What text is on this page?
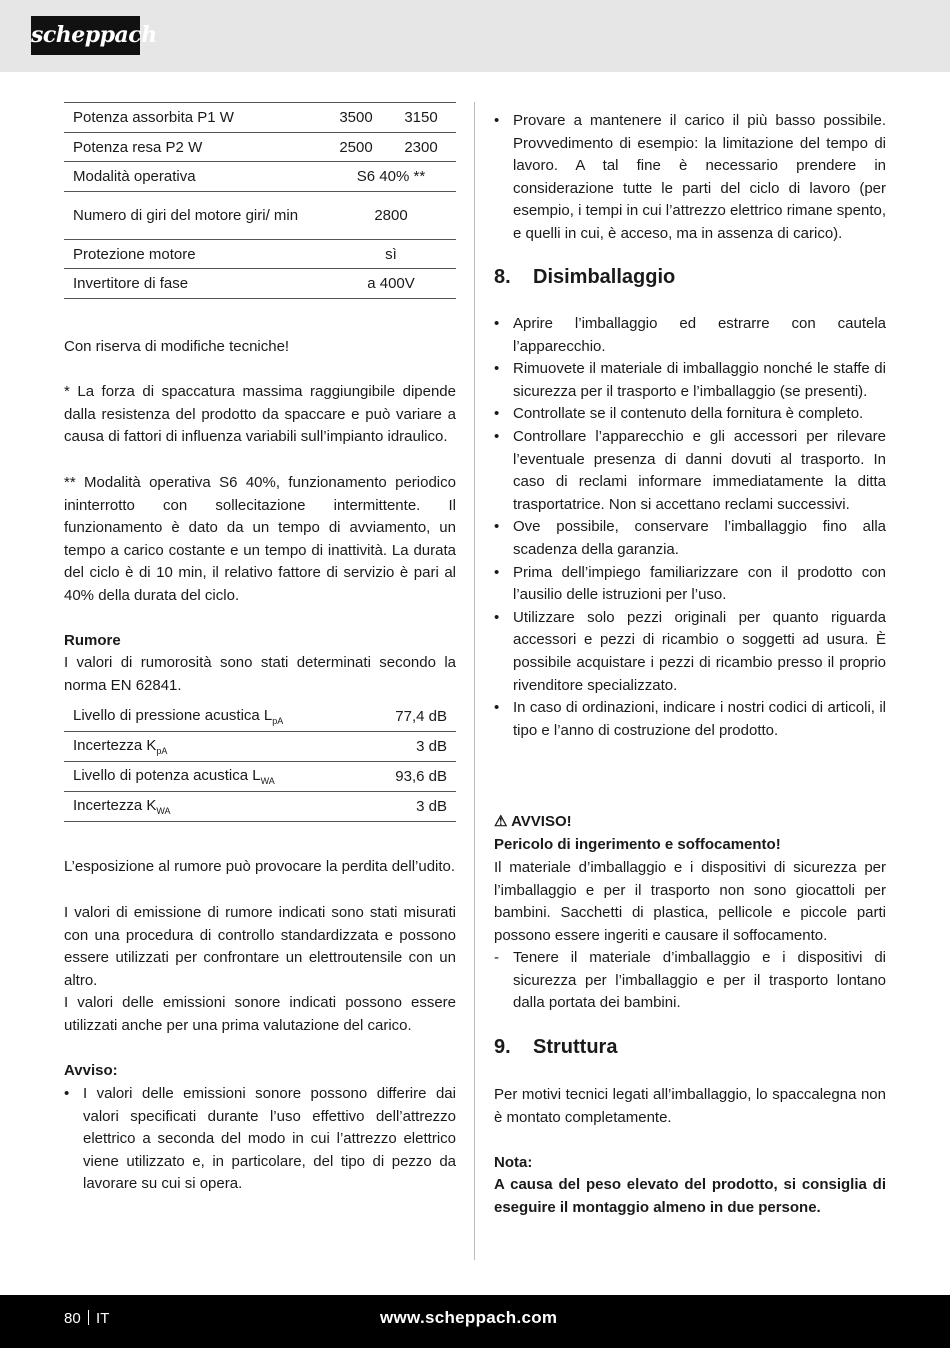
scheppach
Potenza assorbita P1 W	3500	3150
Potenza resa P2 W	2500	2300
Modalità operativa	S6 40% **	
Numero di giri del motore giri/ min	2800	
Protezione motore	sì	
Invertitore di fase	a 400V	

Con riserva di modifiche tecniche!

* La forza di spaccatura massima raggiungibile dipende dalla resistenza del prodotto da spaccare e può variare a causa di fattori di influenza variabili sull’impianto idraulico.

** Modalità operativa S6 40%, funzionamento periodico ininterrotto con sollecitazione intermittente. Il funzionamento è dato da un tempo di avviamento, un tempo a carico costante e un tempo di inattività. La durata del ciclo è di 10 min, il relativo fattore di servizio è pari al 40% della durata del ciclo.

Rumore

I valori di rumorosità sono stati determinati secondo la norma EN 62841.

Livello di pressione acustica $L_{pA}$	77,4 dB
Incertezza $K_{pA}$	3 dB
Livello di potenza acustica $L_{WA}$	93,6 dB
Incertezza $K_{WA}$	3 dB

L’esposizione al rumore può provocare la perdita dell’udito.

I valori di emissione di rumore indicati sono stati misurati con una procedura di controllo standardizzata e possono essere utilizzati per confrontare un elettroutensile con un altro.

I valori delle emissioni sonore indicati possono essere utilizzati anche per una prima valutazione del carico.

Avviso:

• I valori delle emissioni sonore possono differire dai valori specificati durante l’uso effettivo dell’attrezzo elettrico a seconda del modo in cui l’attrezzo elettrico viene utilizzato e, in particolare, del tipo di pezzo da lavorare su cui si opera.
• Provare a mantenere il carico il più basso possibile. Provvedimento di esempio: la limitazione del tempo di lavoro. A tal fine è necessario prendere in considerazione tutte le parti del ciclo di lavoro (per esempio, i tempi in cui l’attrezzo elettrico rimane spento, e quelli in cui, è acceso, ma in assenza di carico).
8. Disimballaggio
• Aprire l’imballaggio ed estrarre con cautela l’apparecchio.
• Rimuovete il materiale di imballaggio nonché le staffe di sicurezza per il trasporto e l’imballaggio (se presenti).
• Controllate se il contenuto della fornitura è completo.
• Controllare l’apparecchio e gli accessori per rilevare l’eventuale presenza di danni dovuti al trasporto. In caso di reclami informare immediatamente la ditta trasportatrice. Non si accettano reclami successivi.
• Ove possibile, conservare l’imballaggio fino alla scadenza della garanzia.
• Prima dell’impiego familiarizzare con il prodotto con l’ausilio delle istruzioni per l’uso.
• Utilizzare solo pezzi originali per quanto riguarda accessori e pezzi di ricambio o soggetti ad usura. È possibile acquistare i pezzi di ricambio presso il proprio rivenditore specializzato.
• In caso di ordinazioni, indicare i nostri codici di articoli, il tipo e l’anno di costruzione del prodotto.

⚠ AVVISO!

Pericolo di ingerimento e soffocamento!

Il materiale d’imballaggio e i dispositivi di sicurezza per l’imballaggio e per il trasporto non sono giocattoli per bambini. Sacchetti di plastica, pellicole e piccole parti possono essere ingeriti e causare il soffocamento.

- Tenere il materiale d’imballaggio e i dispositivi di sicurezza per l’imballaggio e per il trasporto lontano dalla portata dei bambini.
9. Struttura

Per motivi tecnici legati all’imballaggio, lo spaccalegna non è montato completamente.

Nota:

A causa del peso elevato del prodotto, si consiglia di eseguire il montaggio almeno in due persone.

80 IT	www.scheppach.com
